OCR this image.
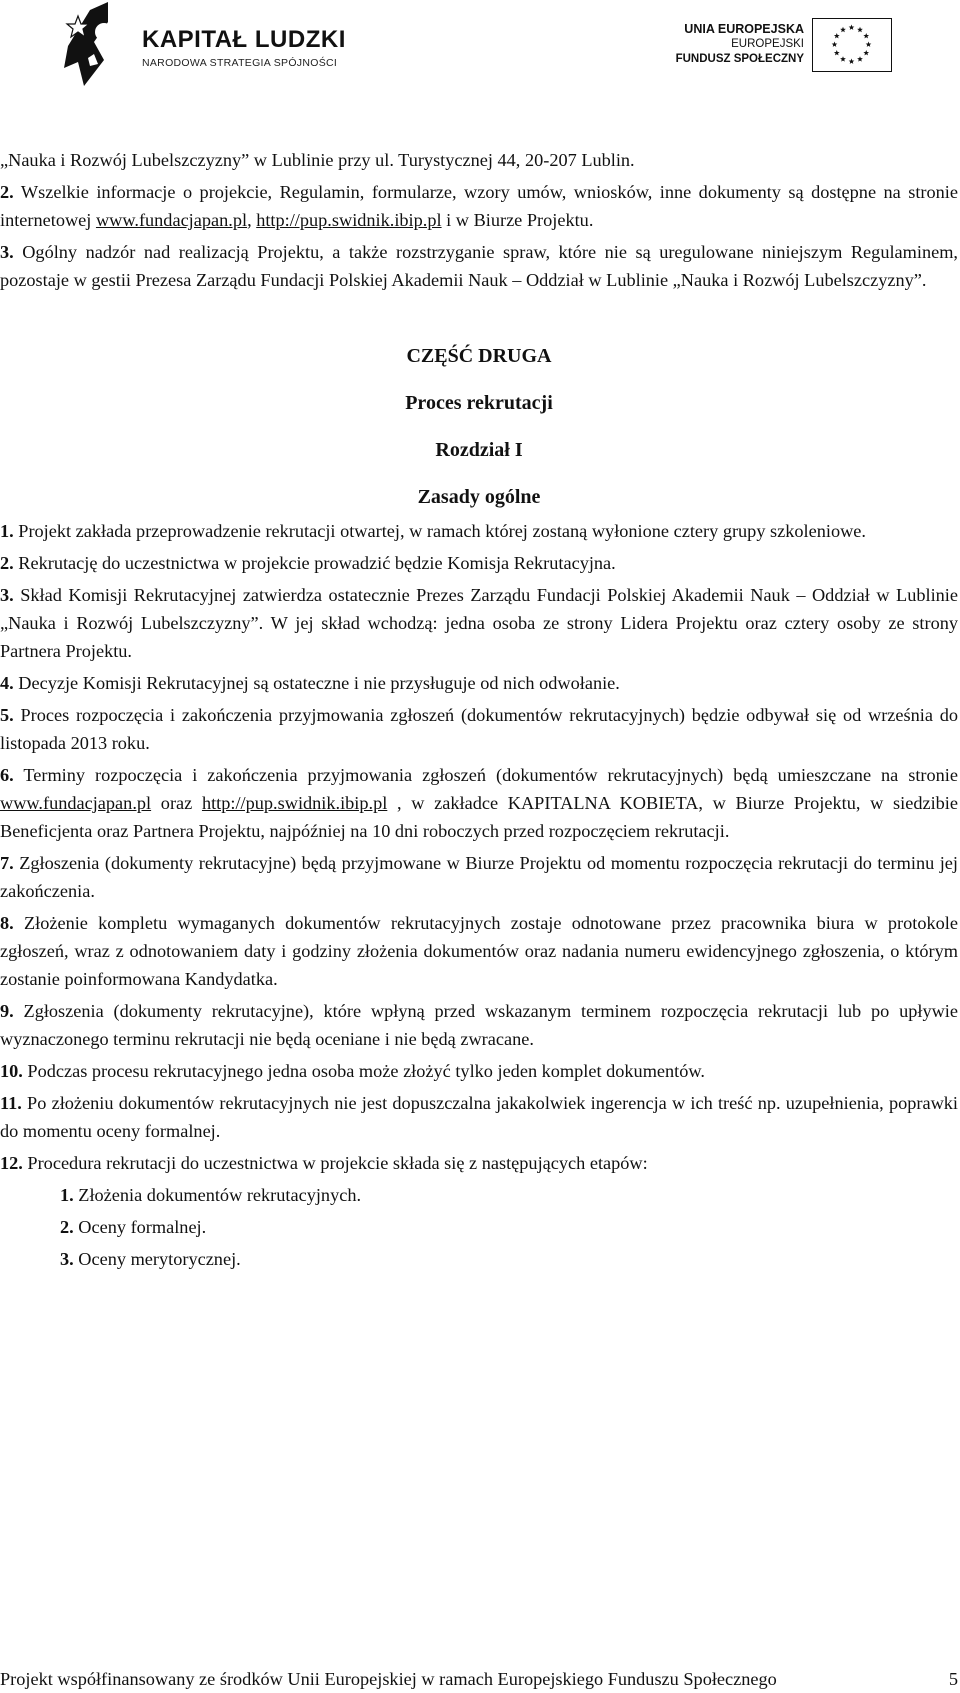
KAPITAŁ LUDZKI
NARODOWA STRATEGIA SPÓJNOŚCI
UNIA EUROPEJSKA
EUROPEJSKI
FUNDUSZ SPOŁECZNY

„Nauka i Rozwój Lubelszczyzny” w Lublinie przy ul. Turystycznej 44, 20-207 Lublin.

2. Wszelkie informacje o projekcie, Regulamin, formularze, wzory umów, wniosków, inne dokumenty są dostępne na stronie internetowej www.fundacjapan.pl, http://pup.swidnik.ibip.pl i w Biurze Projektu.

3. Ogólny nadzór nad realizacją Projektu, a także rozstrzyganie spraw, które nie są uregulowane niniejszym Regulaminem, pozostaje w gestii Prezesa Zarządu Fundacji Polskiej Akademii Nauk – Oddział w Lublinie „Nauka i Rozwój Lubelszczyzny”.

CZĘŚĆ DRUGA
Proces rekrutacji
Rozdział I
Zasady ogólne

1. Projekt zakłada przeprowadzenie rekrutacji otwartej, w ramach której zostaną wyłonione cztery grupy szkoleniowe.

2. Rekrutację do uczestnictwa w projekcie prowadzić będzie Komisja Rekrutacyjna.

3. Skład Komisji Rekrutacyjnej zatwierdza ostatecznie Prezes Zarządu Fundacji Polskiej Akademii Nauk – Oddział w Lublinie „Nauka i Rozwój Lubelszczyzny”. W jej skład wchodzą: jedna osoba ze strony Lidera Projektu oraz cztery osoby ze strony Partnera Projektu.

4. Decyzje Komisji Rekrutacyjnej są ostateczne i nie przysługuje od nich odwołanie.

5. Proces rozpoczęcia i zakończenia przyjmowania zgłoszeń (dokumentów rekrutacyjnych) będzie odbywał się od września do listopada 2013 roku.

6. Terminy rozpoczęcia i zakończenia przyjmowania zgłoszeń (dokumentów rekrutacyjnych) będą umieszczane na stronie www.fundacjapan.pl oraz http://pup.swidnik.ibip.pl , w zakładce KAPITALNA KOBIETA, w Biurze Projektu, w siedzibie Beneficjenta oraz Partnera Projektu, najpóźniej na 10 dni roboczych przed rozpoczęciem rekrutacji.

7. Zgłoszenia (dokumenty rekrutacyjne) będą przyjmowane w Biurze Projektu od momentu rozpoczęcia rekrutacji do terminu jej zakończenia.

8. Złożenie kompletu wymaganych dokumentów rekrutacyjnych zostaje odnotowane przez pracownika biura w protokole zgłoszeń, wraz z odnotowaniem daty i godziny złożenia dokumentów oraz nadania numeru ewidencyjnego zgłoszenia, o którym zostanie poinformowana Kandydatka.

9. Zgłoszenia (dokumenty rekrutacyjne), które wpłyną przed wskazanym terminem rozpoczęcia rekrutacji lub po upływie wyznaczonego terminu rekrutacji nie będą oceniane i nie będą zwracane.

10. Podczas procesu rekrutacyjnego jedna osoba może złożyć tylko jeden komplet dokumentów.

11. Po złożeniu dokumentów rekrutacyjnych nie jest dopuszczalna jakakolwiek ingerencja w ich treść np. uzupełnienia, poprawki do momentu oceny formalnej.

12. Procedura rekrutacji do uczestnictwa w projekcie składa się z następujących etapów:

1. Złożenia dokumentów rekrutacyjnych.
2. Oceny formalnej.
3. Oceny merytorycznej.
Projekt współfinansowany ze środków Unii Europejskiej w ramach Europejskiego Funduszu Społecznego	5
